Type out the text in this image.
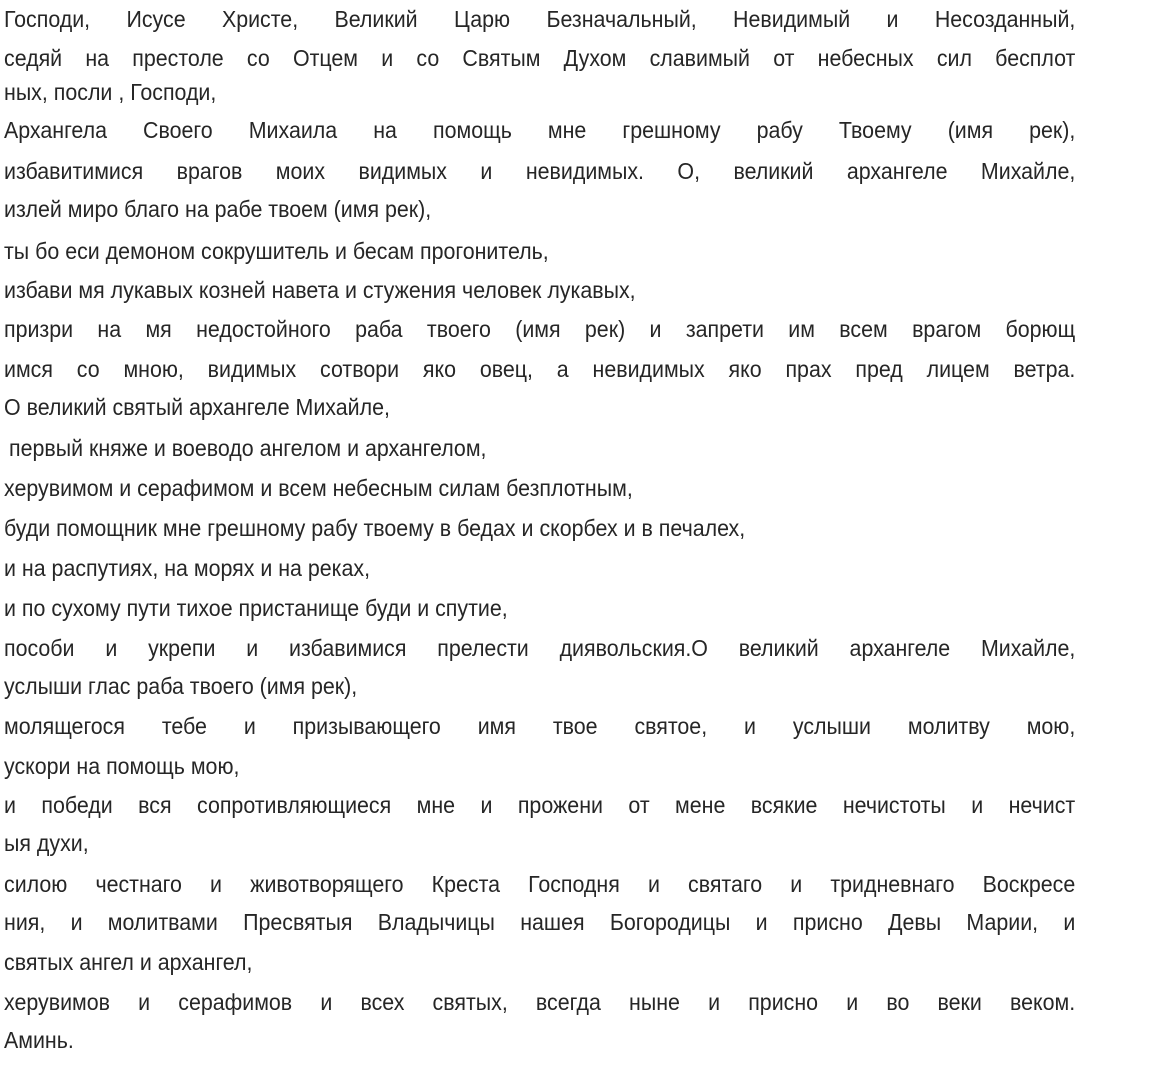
Господи, Исусе Христе, Великий Царю Безначальный, Невидимый и Несозданный,
седяй на престоле со Отцем и со Святым Духом славимый от небесных сил бесплот
ных, посли , Господи,
Архангела Своего Михаила на помощь мне грешному рабу Твоему (имя рек),
избавитимися врагов моих видимых и невидимых. О, великий архангеле Михайле,
излей миро благо на рабе твоем (имя рек),
ты бо еси демоном сокрушитель и бесам прогонитель,
избави мя лукавых козней навета и стужения человек лукавых,
призри на мя недостойного раба твоего (имя рек) и запрети им всем врагом борющ
имся со мною, видимых сотвори яко овец, а невидимых яко прах пред лицем ветра.
О великий святый архангеле Михайле,
первый княже и воеводо ангелом и архангелом,
херувимом и серафимом и всем небесным силам безплотным,
буди помощник мне грешному рабу твоему в бедах и скорбех и в печалех,
и на распутиях, на морях и на реках,
и по сухому пути тихое пристанище буди и спутие,
пособи и укрепи и избавимися прелести диявольския.О великий архангеле Михайле,
услыши глас раба твоего (имя рек),
молящегося тебе и призывающего имя твое святое, и услыши молитву мою,
ускори на помощь мою,
и победи вся сопротивляющиеся мне и прожени от мене всякие нечистоты и нечист
ыя духи,
силою честнаго и животворящего Креста Господня и святаго и тридневнаго Воскресе
ния, и молитвами Пресвятыя Владычицы нашея Богородицы и присно Девы Марии, и
святых ангел и архангел,
херувимов и серафимов и всех святых, всегда ныне и присно и во веки веком.
Аминь.
